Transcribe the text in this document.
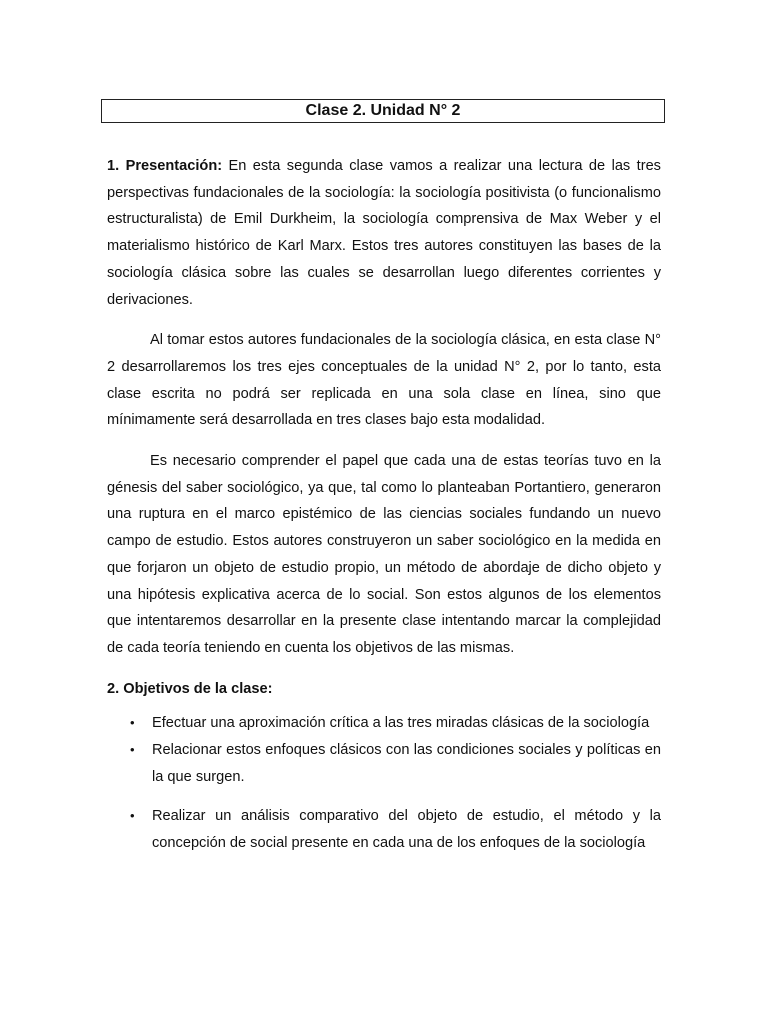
Clase 2. Unidad N° 2

1. Presentación: En esta segunda clase vamos a realizar una lectura de las tres perspectivas fundacionales de la sociología: la sociología positivista (o funcionalismo estructuralista) de Emil Durkheim, la sociología comprensiva de Max Weber y el materialismo histórico de Karl Marx. Estos tres autores constituyen las bases de la sociología clásica sobre las cuales se desarrollan luego diferentes corrientes y derivaciones.

Al tomar estos autores fundacionales de la sociología clásica, en esta clase N° 2 desarrollaremos los tres ejes conceptuales de la unidad N° 2, por lo tanto, esta clase escrita no podrá ser replicada en una sola clase en línea, sino que mínimamente será desarrollada en tres clases bajo esta modalidad.

Es necesario comprender el papel que cada una de estas teorías tuvo en la génesis del saber sociológico, ya que, tal como lo planteaban Portantiero, generaron una ruptura en el marco epistémico de las ciencias sociales fundando un nuevo campo de estudio. Estos autores construyeron un saber sociológico en la medida en que forjaron un objeto de estudio propio, un método de abordaje de dicho objeto y una hipótesis explicativa acerca de lo social. Son estos algunos de los elementos que intentaremos desarrollar en la presente clase intentando marcar la complejidad de cada teoría teniendo en cuenta los objetivos de las mismas.

2. Objetivos de la clase:

• Efectuar una aproximación crítica a las tres miradas clásicas de la sociología
• Relacionar estos enfoques clásicos con las condiciones sociales y políticas en la que surgen.
• Realizar un análisis comparativo del objeto de estudio, el método y la concepción de social presente en cada una de los enfoques de la sociología
